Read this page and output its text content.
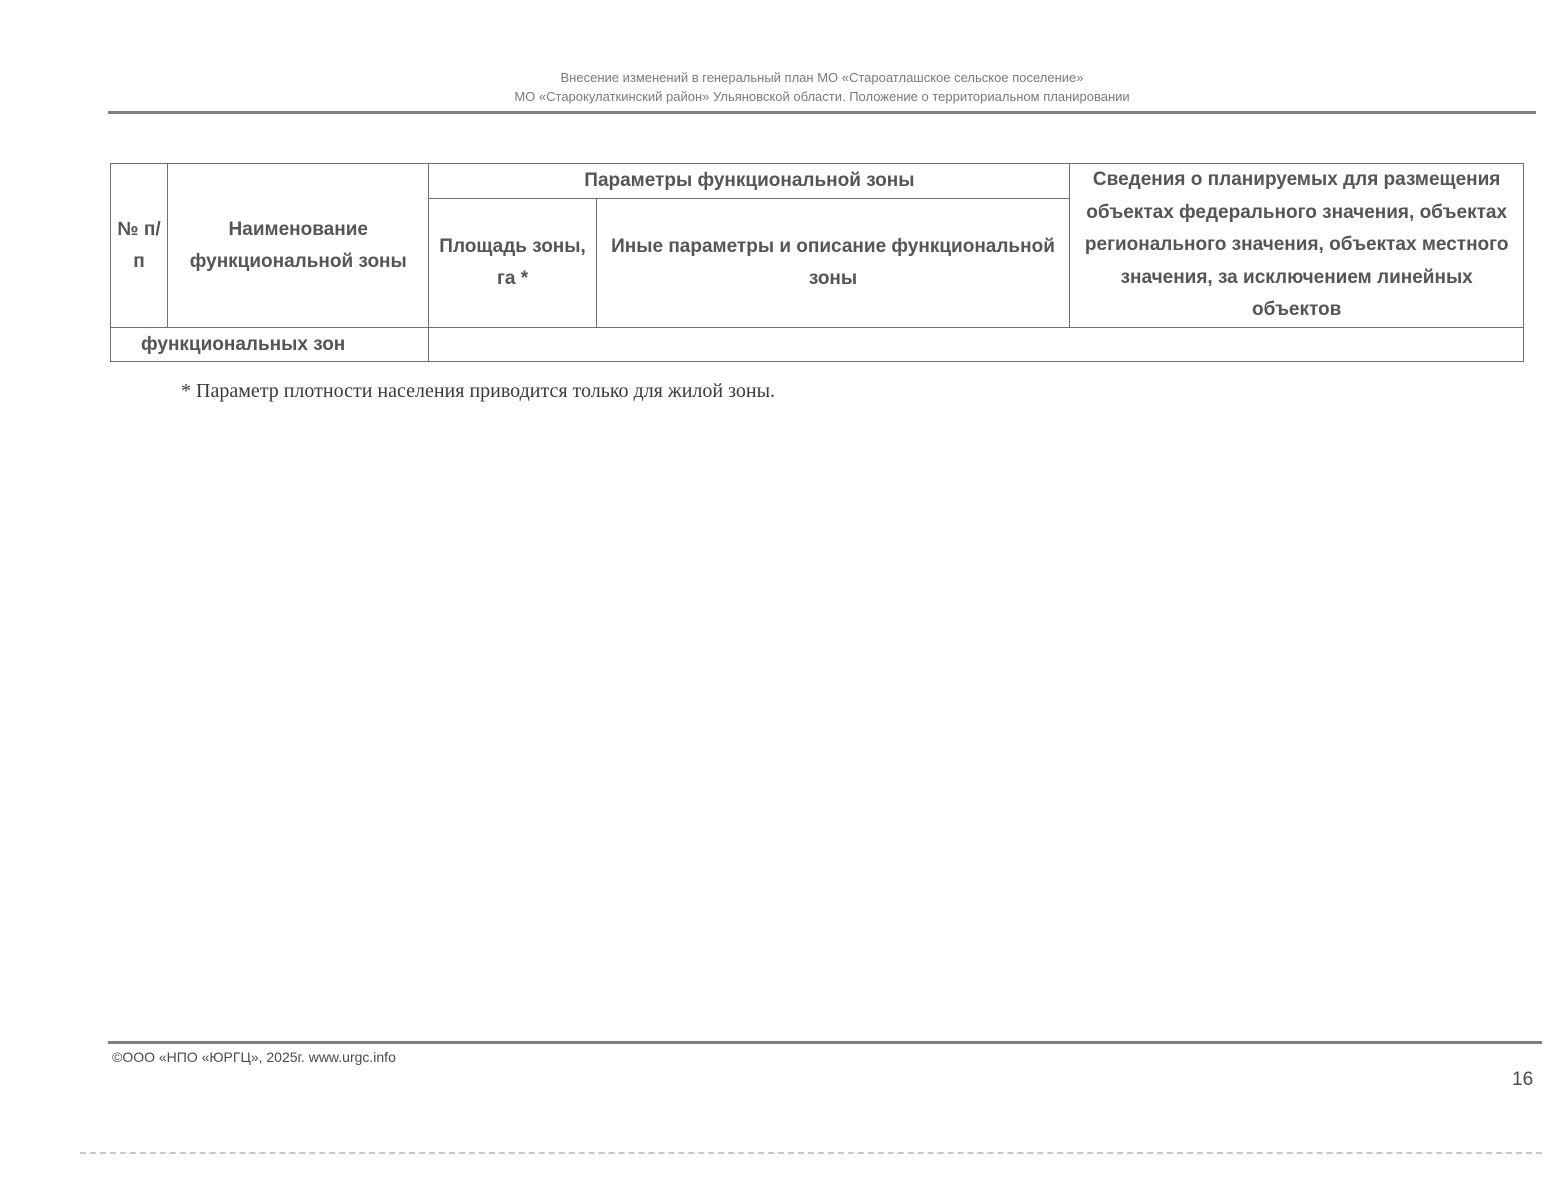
Внесение изменений в генеральный план МО «Староатлашское сельское поселение»
МО «Старокулаткинский район» Ульяновской области. Положение о территориальном планировании
№ п/п	Наименование функциональной зоны	Параметры функциональной зоны		Сведения о планируемых для размещения объектах федерального значения, объектах регионального значения, объектах местного значения, за исключением линейных объектов
		Площадь зоны, га *	Иные параметры и описание функциональной зоны	
функциональных зон				
* Параметр плотности населения приводится только для жилой зоны.
©ООО «НПО «ЮРГЦ», 2025г. www.urgc.info
16
